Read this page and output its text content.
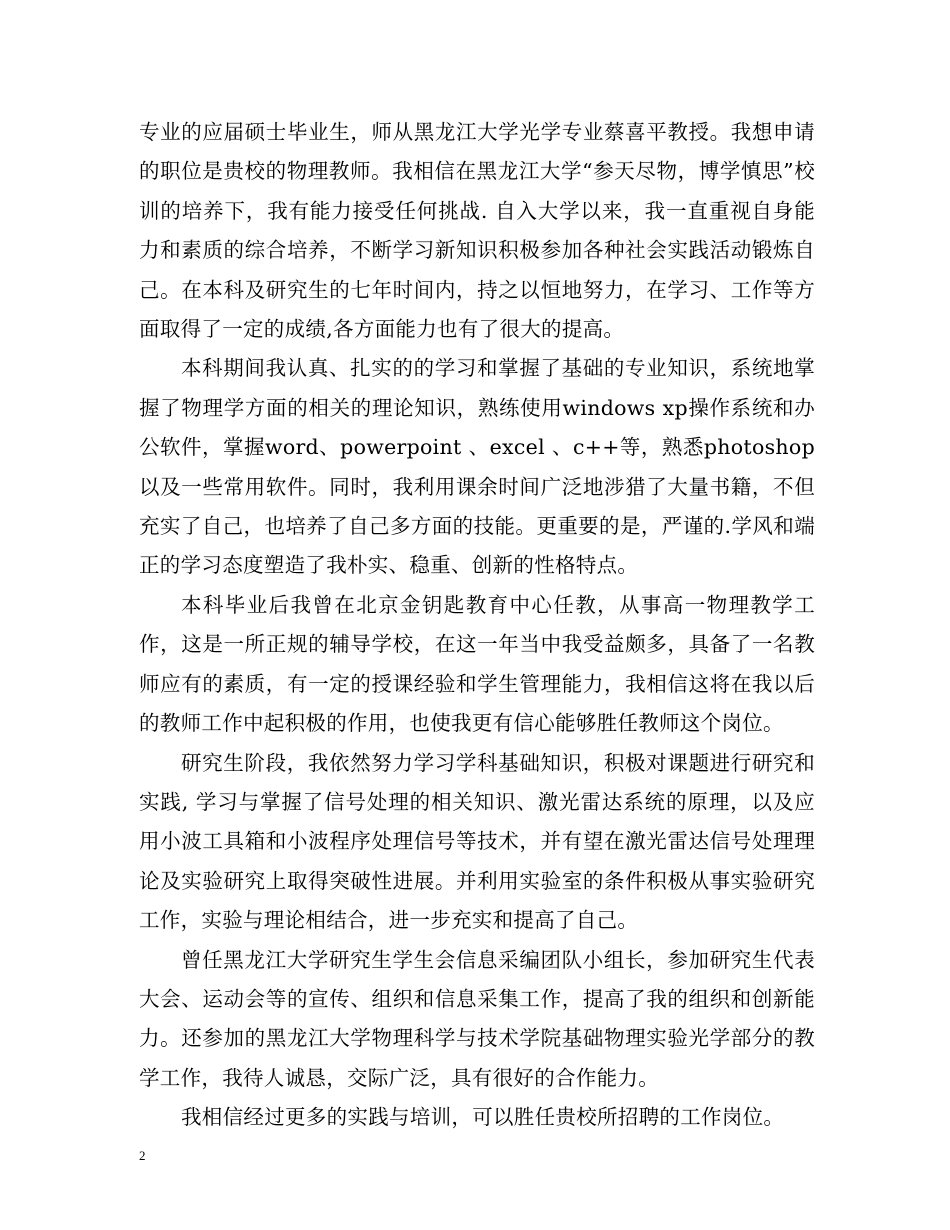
专业的应届硕士毕业生，师从黑龙江大学光学专业蔡喜平教授。我想申请的职位是贵校的物理教师。我相信在黑龙江大学“参天尽物，博学慎思”校训的培养下，我有能力接受任何挑战. 自入大学以来，我一直重视自身能力和素质的综合培养，不断学习新知识积极参加各种社会实践活动锻炼自己。在本科及研究生的七年时间内，持之以恒地努力，在学习、工作等方面取得了一定的成绩,各方面能力也有了很大的提高。

本科期间我认真、扎实的的学习和掌握了基础的专业知识，系统地掌握了物理学方面的相关的理论知识，熟练使用windows xp操作系统和办公软件，掌握word、powerpoint 、excel 、c++等，熟悉photoshop以及一些常用软件。同时，我利用课余时间广泛地涉猎了大量书籍，不但充实了自己，也培养了自己多方面的技能。更重要的是，严谨的.学风和端正的学习态度塑造了我朴实、稳重、创新的性格特点。

本科毕业后我曾在北京金钥匙教育中心任教，从事高一物理教学工作，这是一所正规的辅导学校，在这一年当中我受益颇多，具备了一名教师应有的素质，有一定的授课经验和学生管理能力，我相信这将在我以后的教师工作中起积极的作用，也使我更有信心能够胜任教师这个岗位。

研究生阶段，我依然努力学习学科基础知识，积极对课题进行研究和实践, 学习与掌握了信号处理的相关知识、激光雷达系统的原理，以及应用小波工具箱和小波程序处理信号等技术，并有望在激光雷达信号处理理论及实验研究上取得突破性进展。并利用实验室的条件积极从事实验研究工作，实验与理论相结合，进一步充实和提高了自己。

曾任黑龙江大学研究生学生会信息采编团队小组长，参加研究生代表大会、运动会等的宣传、组织和信息采集工作，提高了我的组织和创新能力。还参加的黑龙江大学物理科学与技术学院基础物理实验光学部分的教学工作，我待人诚恳，交际广泛，具有很好的合作能力。

我相信经过更多的实践与培训，可以胜任贵校所招聘的工作岗位。

2
